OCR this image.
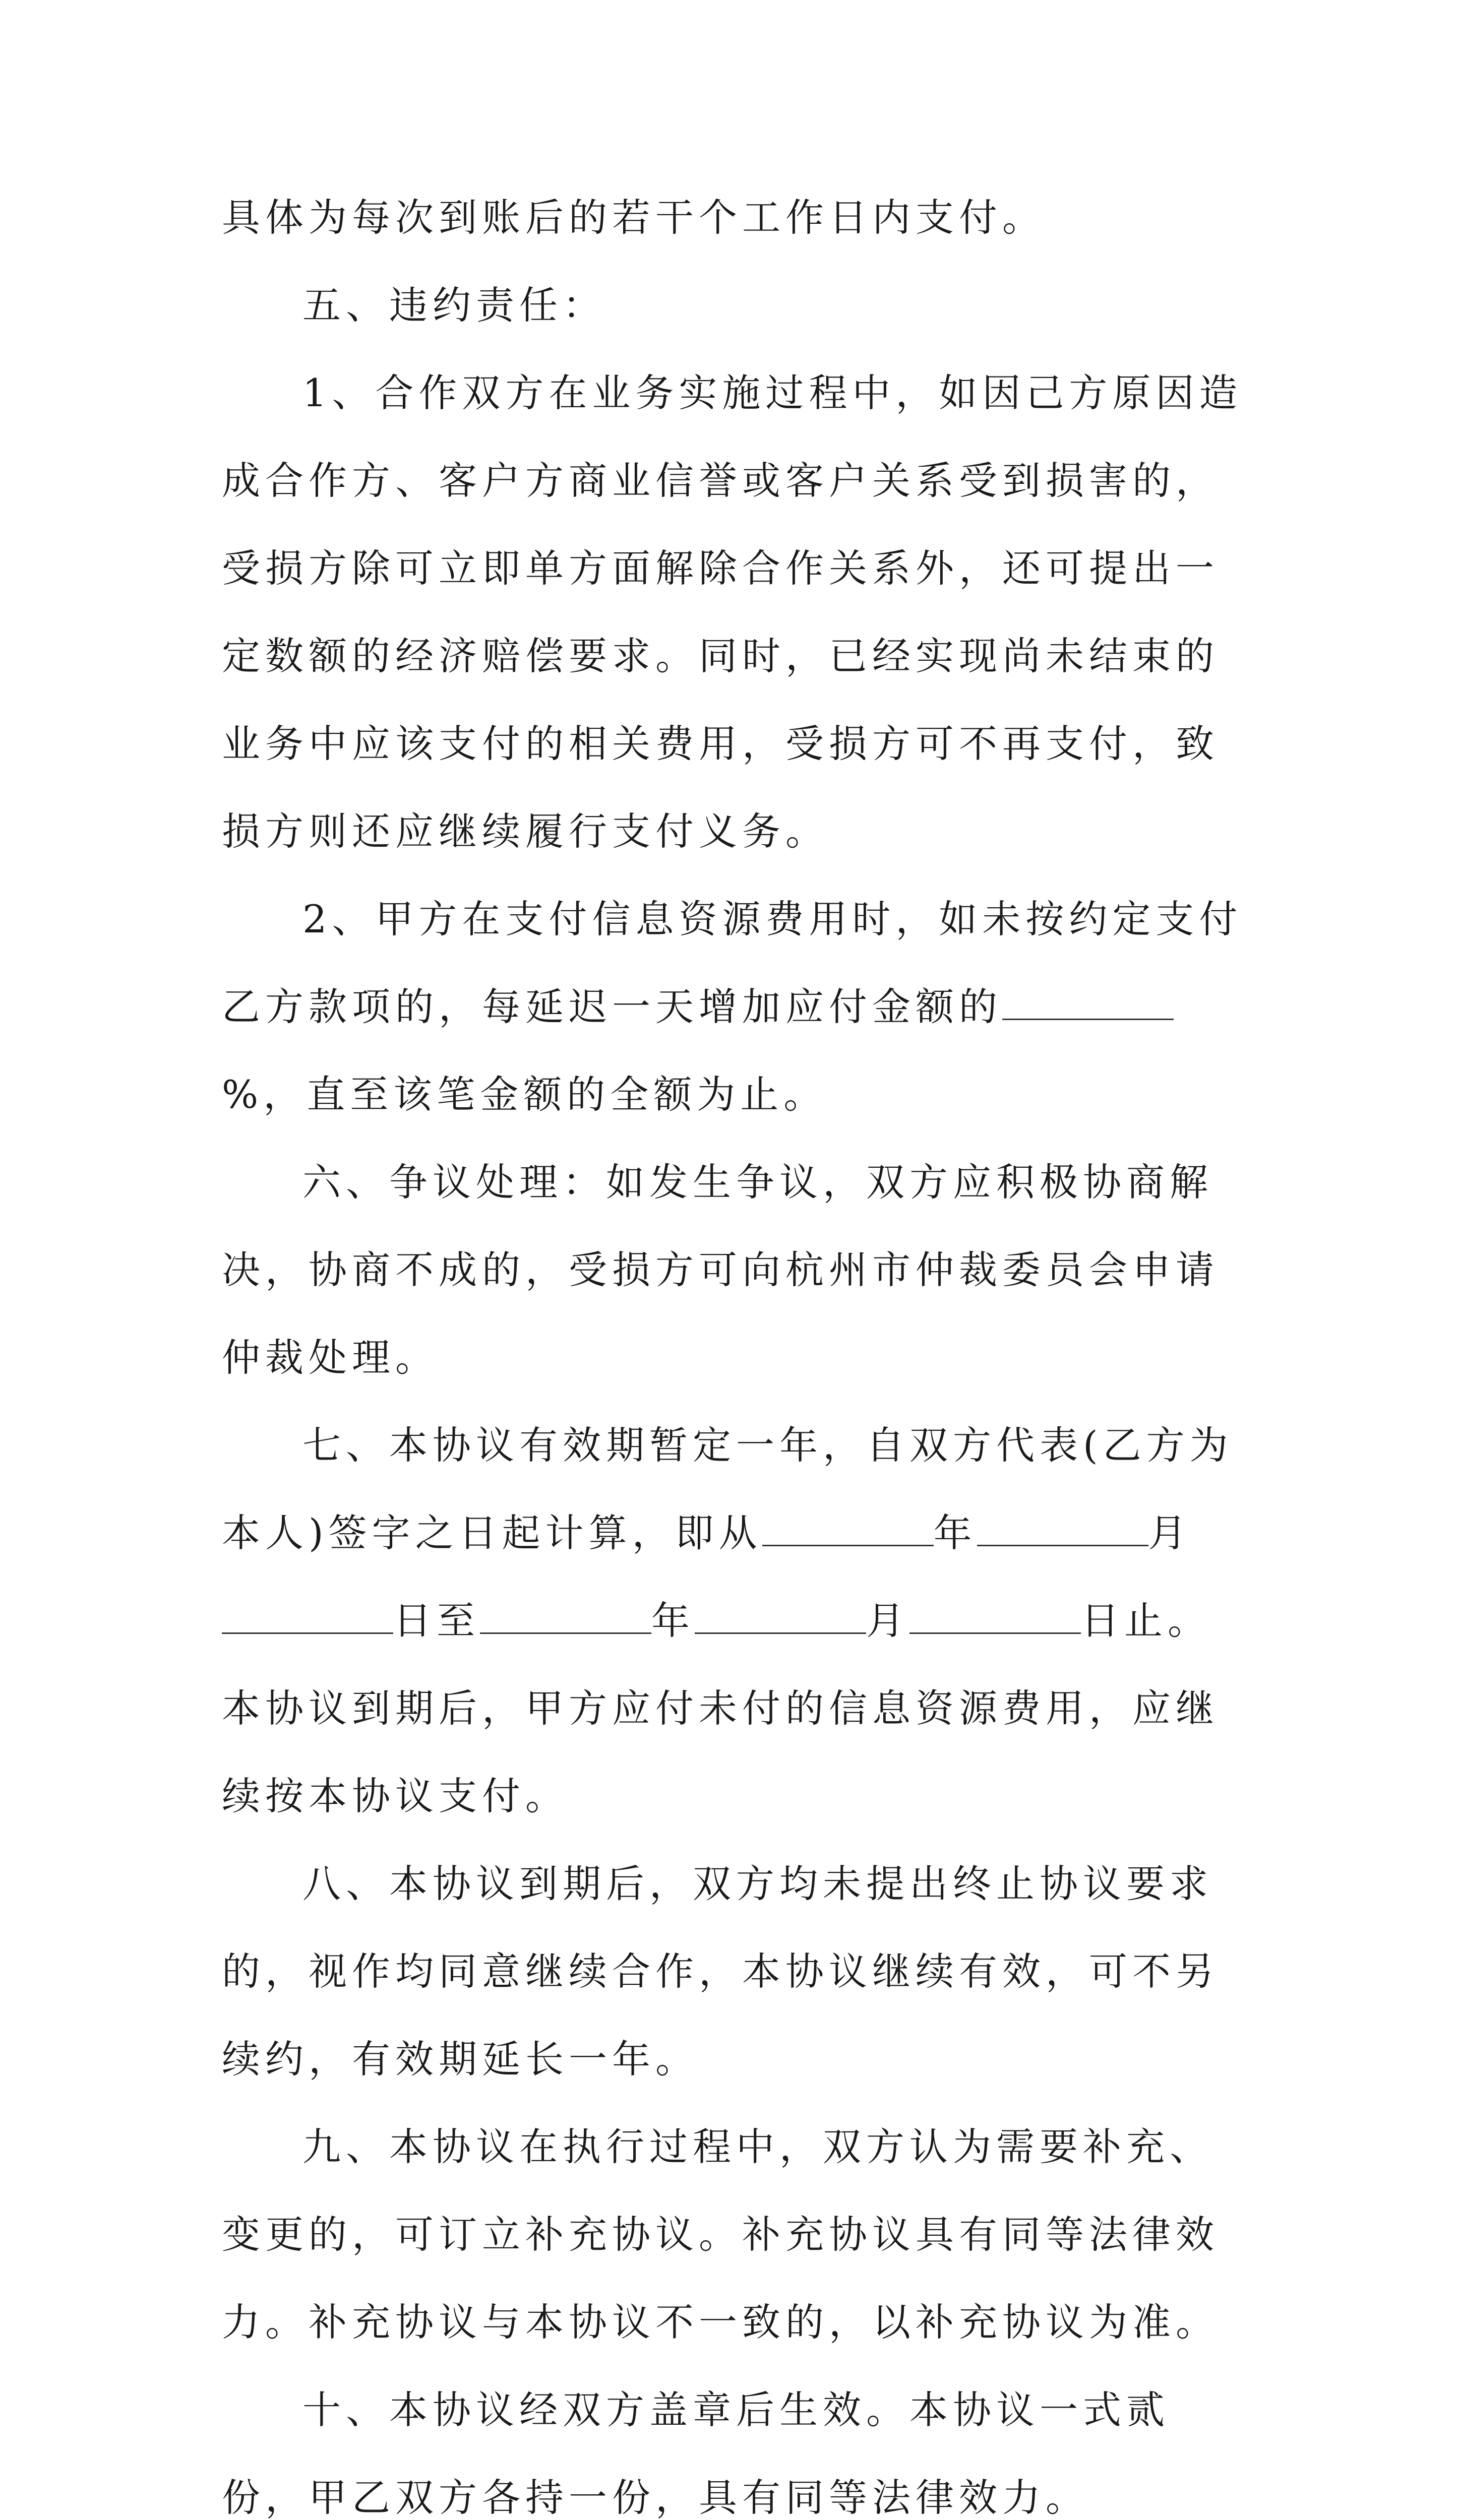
具体为每次到账后的若干个工作日内支付。

五、违约责任：

1、合作双方在业务实施过程中，如因己方原因造成合作方、客户方商业信誉或客户关系受到损害的，受损方除可立即单方面解除合作关系外，还可提出一定数额的经济赔偿要求。同时，已经实现尚未结束的业务中应该支付的相关费用，受损方可不再支付，致损方则还应继续履行支付义务。

2、甲方在支付信息资源费用时，如未按约定支付乙方款项的，每延迟一天增加应付金额的%，直至该笔金额的全额为止。

六、争议处理：如发生争议，双方应积极协商解决，协商不成的，受损方可向杭州市仲裁委员会申请仲裁处理。

七、本协议有效期暂定一年，自双方代表(乙方为本人)签字之日起计算，即从	年	月日至	年	月	日止。本协议到期后，甲方应付未付的信息资源费用，应继续按本协议支付。

八、本协议到期后，双方均未提出终止协议要求的，视作均同意继续合作，本协议继续有效，可不另续约，有效期延长一年。

九、本协议在执行过程中，双方认为需要补充、变更的，可订立补充协议。补充协议具有同等法律效力。补充协议与本协议不一致的，以补充协议为准。

十、本协议经双方盖章后生效。本协议一式贰份，甲乙双方各持一份，具有同等法律效力。
